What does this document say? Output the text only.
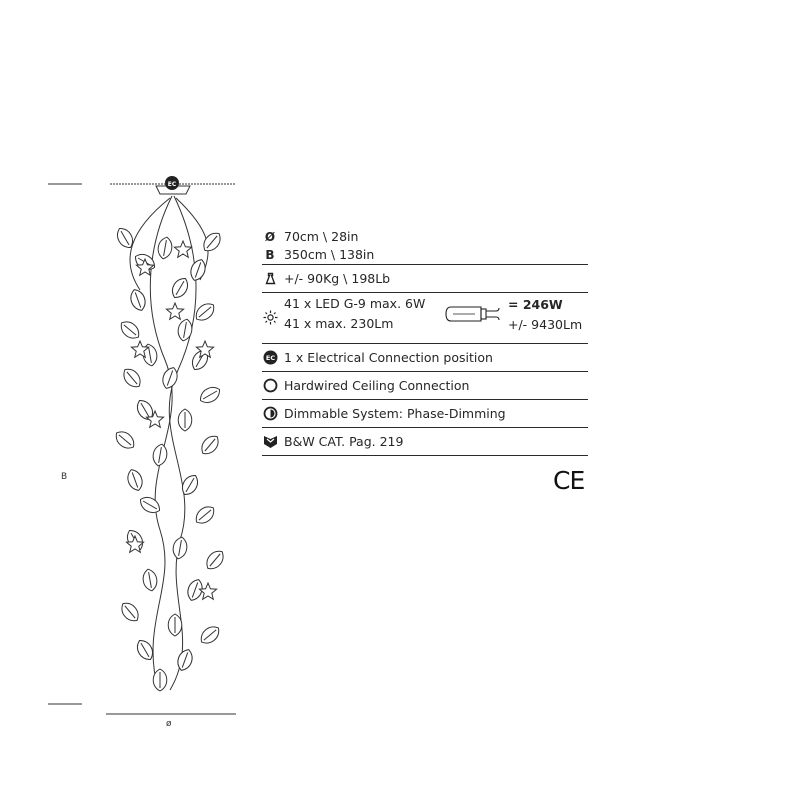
EC
B
ø
Ø 70cm \ 28in
B 350cm \ 138in
+/- 90Kg \ 198Lb
41 x LED G-9 max. 6W
41 x max. 230Lm
= 246W
+/- 9430Lm
EC 1 x Electrical Connection position
Hardwired Ceiling Connection
Dimmable System: Phase-Dimming
B&W CAT. Pag. 219
CE
